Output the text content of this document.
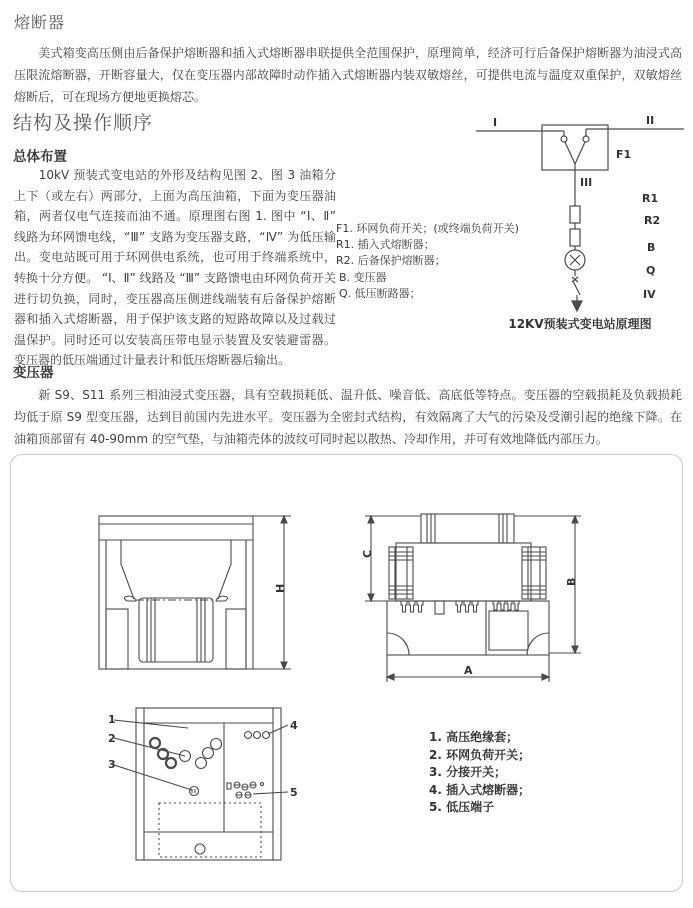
熔断器
美式箱变高压侧由后备保护熔断器和插入式熔断器串联提供全范围保护，原理简单，经济可行后备保护熔断器为油浸式高压限流熔断器，开断容量大，仅在变压器内部故障时动作插入式熔断器内装双敏熔丝，可提供电流与温度双重保护，双敏熔丝熔断后，可在现场方便地更换熔芯。
结构及操作顺序
总体布置
10kV 预装式变电站的外形及结构见图 2、图 3 油箱分上下（或左右）两部分，上面为高压油箱，下面为变压器油箱，两者仅电气连接而油不通。原理图右图 1. 图中 “Ⅰ、Ⅱ” 线路为环网馈电线，“Ⅲ” 支路为变压器支路，“Ⅳ” 为低压输出。变电站既可用于环网供电系统，也可用于终端系统中，转换十分方便。 “Ⅰ、Ⅱ” 线路及 “Ⅲ” 支路馈电由环网负荷开关进行切负换，同时，变压器高压侧进线端装有后备保护熔断器和插入式熔断器，用于保护该支路的短路故障以及过载过温保护。同时还可以安装高压带电显示装置及安装避雷器。变压器的低压端通过计量表计和低压熔断器后输出。
I	II
F1
III
R1
R2
B
Q
IV
F1. 环网负荷开关；(或终端负荷开关)
R1. 插入式熔断器；
R2. 后备保护熔断器；
B. 变压器
Q. 低压断路器；
12KV预装式变电站原理图
变压器
新 S9、S11 系列三相油浸式变压器，具有空载损耗低、温升低、噪音低、高底低等特点。变压器的空载损耗及负载损耗均低于原 S9 型变压器，达到目前国内先进水平。变压器为全密封式结构，有效隔离了大气的污染及受潮引起的绝缘下降。在油箱顶部留有 40-90mm 的空气垫，与油箱壳体的波纹可同时起以散热、冷却作用，并可有效地降低内部压力。
H
C
B
A
1
2
3
4
5
1. 高压绝缘套；
2. 环网负荷开关；
3. 分接开关；
4. 插入式熔断器；
5. 低压端子
